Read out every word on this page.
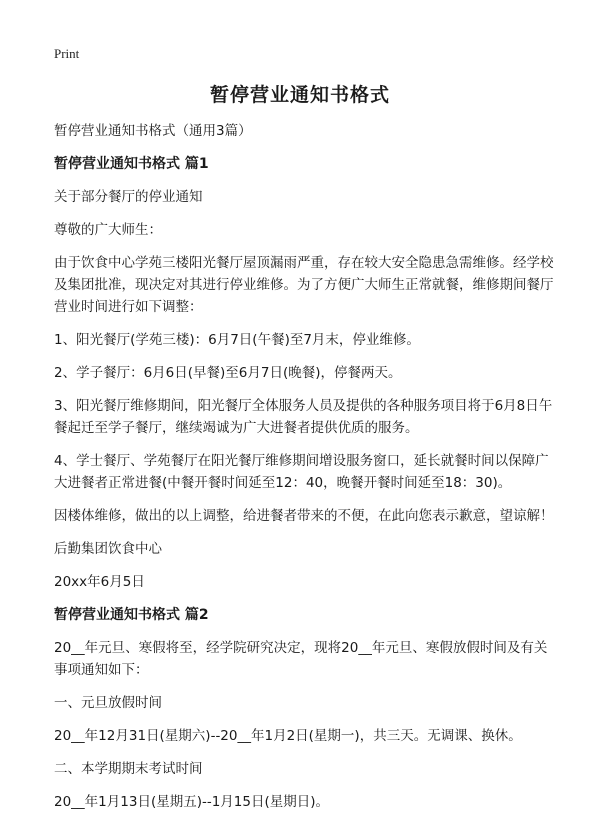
Print
暂停营业通知书格式

暂停营业通知书格式（通用3篇）

暂停营业通知书格式 篇1

关于部分餐厅的停业通知

尊敬的广大师生：

由于饮食中心学苑三楼阳光餐厅屋顶漏雨严重，存在较大安全隐患急需维修。经学校及集团批准，现决定对其进行停业维修。为了方便广大师生正常就餐，维修期间餐厅营业时间进行如下调整：

1、阳光餐厅(学苑三楼)：6月7日(午餐)至7月末，停业维修。

2、学子餐厅：6月6日(早餐)至6月7日(晚餐)，停餐两天。

3、阳光餐厅维修期间，阳光餐厅全体服务人员及提供的各种服务项目将于6月8日午餐起迁至学子餐厅，继续竭诚为广大进餐者提供优质的服务。

4、学士餐厅、学苑餐厅在阳光餐厅维修期间增设服务窗口，延长就餐时间以保障广大进餐者正常进餐(中餐开餐时间延至12：40，晚餐开餐时间延至18：30)。

因楼体维修，做出的以上调整，给进餐者带来的不便，在此向您表示歉意，望谅解！

后勤集团饮食中心

20xx年6月5日

暂停营业通知书格式 篇2

20__年元旦、寒假将至，经学院研究决定，现将20__年元旦、寒假放假时间及有关事项通知如下：

一、元旦放假时间

20__年12月31日(星期六)--20__年1月2日(星期一)，共三天。无调课、换休。

二、本学期期末考试时间

20__年1月13日(星期五)--1月15日(星期日)。
